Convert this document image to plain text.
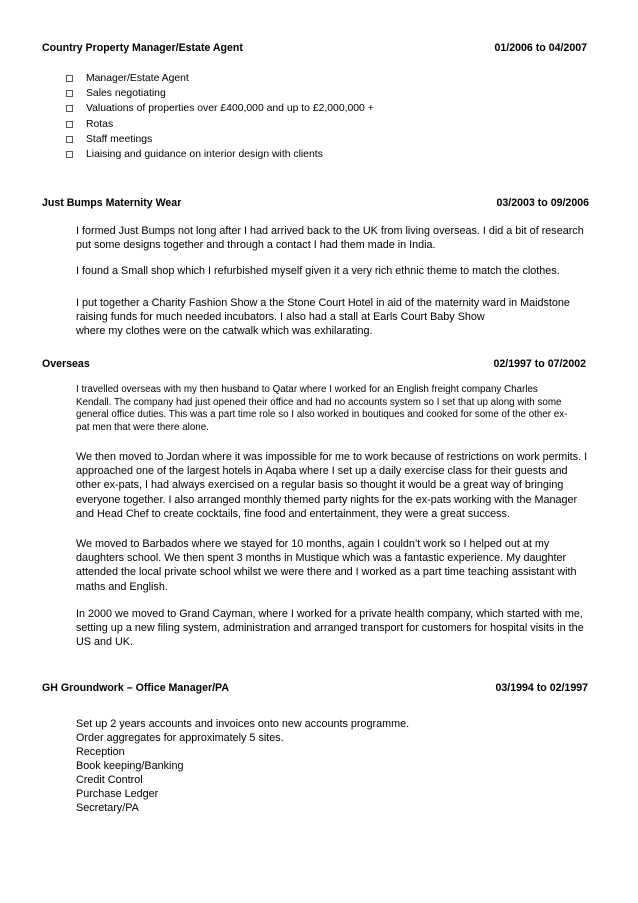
Country Property Manager/Estate Agent	01/2006 to 04/2007
Manager/Estate Agent
Sales negotiating
Valuations of properties over £400,000 and up to £2,000,000 +
Rotas
Staff meetings
Liaising and guidance on interior design with clients
Just Bumps Maternity Wear	03/2003 to 09/2006
I formed Just Bumps not long after I had arrived back to the UK from living overseas. I did a bit of research
put some designs together and through a contact I had them made in India.
I found a Small shop which I refurbished myself given it a very rich ethnic theme to match the clothes.
I put together a Charity Fashion Show a the Stone Court Hotel in aid of the maternity ward in Maidstone
raising funds for much needed incubators. I also had a stall at Earls Court Baby Show
where my clothes were on the catwalk which was exhilarating.
Overseas	02/1997 to 07/2002
I travelled overseas with my then husband to Qatar where I worked for an English freight company Charles
Kendall. The company had just opened their office and had no accounts system so I set that up along with some
general office duties. This was a part time role so I also worked in boutiques and cooked for some of the other ex-
pat men that were there alone.
We then moved to Jordan where it was impossible for me to work because of restrictions on work permits. I
approached one of the largest hotels in Aqaba where I set up a daily exercise class for their guests and
other ex-pats, I had always exercised on a regular basis so thought it would be a great way of bringing
everyone together. I also arranged monthly themed party nights for the ex-pats working with the Manager
and Head Chef to create cocktails, fine food and entertainment, they were a great success.
We moved to Barbados where we stayed for 10 months, again I couldn’t work so I helped out at my
daughters school. We then spent 3 months in Mustique which was a fantastic experience. My daughter
attended the local private school whilst we were there and I worked as a part time teaching assistant with
maths and English.
In 2000 we moved to Grand Cayman, where I worked for a private health company, which started with me,
setting up a new filing system, administration and arranged transport for customers for hospital visits in the
US and UK.
GH Groundwork – Office Manager/PA	03/1994 to 02/1997
Set up 2 years accounts and invoices onto new accounts programme.
Order aggregates for approximately 5 sites.
Reception
Book keeping/Banking
Credit Control
Purchase Ledger
Secretary/PA
